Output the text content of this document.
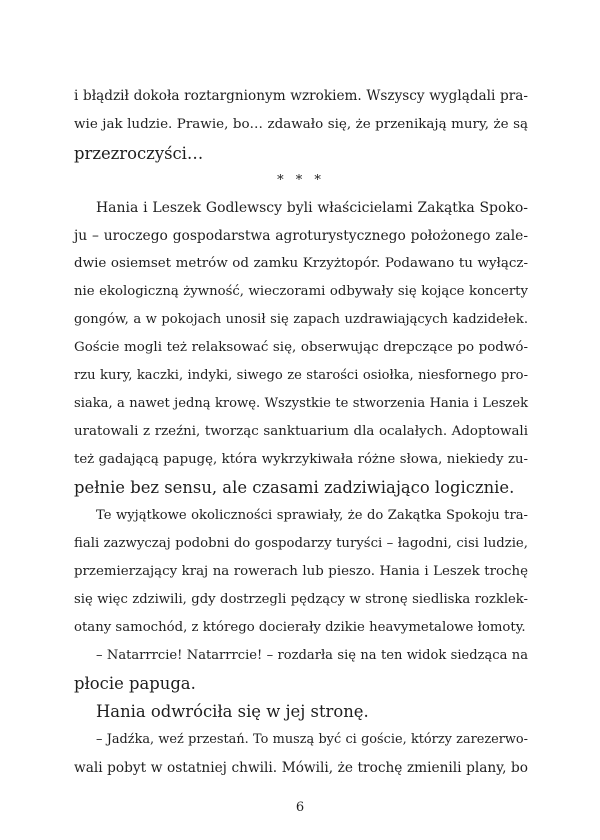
i błądził dokoła roztargnionym wzrokiem. Wszyscy wyglądali pra-

wie jak ludzie. Prawie, bo… zdawało się, że przenikają mury, że są

przezroczyści…

* * *

Hania i Leszek Godlewscy byli właścicielami Zakątka Spoko-

ju – uroczego gospodarstwa agroturystycznego położonego zale-

dwie osiemset metrów od zamku Krzyżtopór. Podawano tu wyłącz-

nie ekologiczną żywność, wieczorami odbywały się kojące koncerty

gongów, a w pokojach unosił się zapach uzdrawiających kadzidełek.

Goście mogli też relaksować się, obserwując drepczące po podwó-

rzu kury, kaczki, indyki, siwego ze starości osiołka, niesfornego pro-

siaka, a nawet jedną krowę. Wszystkie te stworzenia Hania i Leszek

uratowali z rzeźni, tworząc sanktuarium dla ocalałych. Adoptowali

też gadającą papugę, która wykrzykiwała różne słowa, niekiedy zu-

pełnie bez sensu, ale czasami zadziwiająco logicznie.

Te wyjątkowe okoliczności sprawiały, że do Zakątka Spokoju tra-

fiali zazwyczaj podobni do gospodarzy turyści – łagodni, cisi ludzie,

przemierzający kraj na rowerach lub pieszo. Hania i Leszek trochę

się więc zdziwili, gdy dostrzegli pędzący w stronę siedliska rozklek-

otany samochód, z którego docierały dzikie heavymetalowe łomoty.

– Natarrrcie! Natarrrcie! – rozdarła się na ten widok siedząca na

płocie papuga.

Hania odwróciła się w jej stronę.

– Jadźka, weź przestań. To muszą być ci goście, którzy zarezerwo-

wali pobyt w ostatniej chwili. Mówili, że trochę zmienili plany, bo

6
